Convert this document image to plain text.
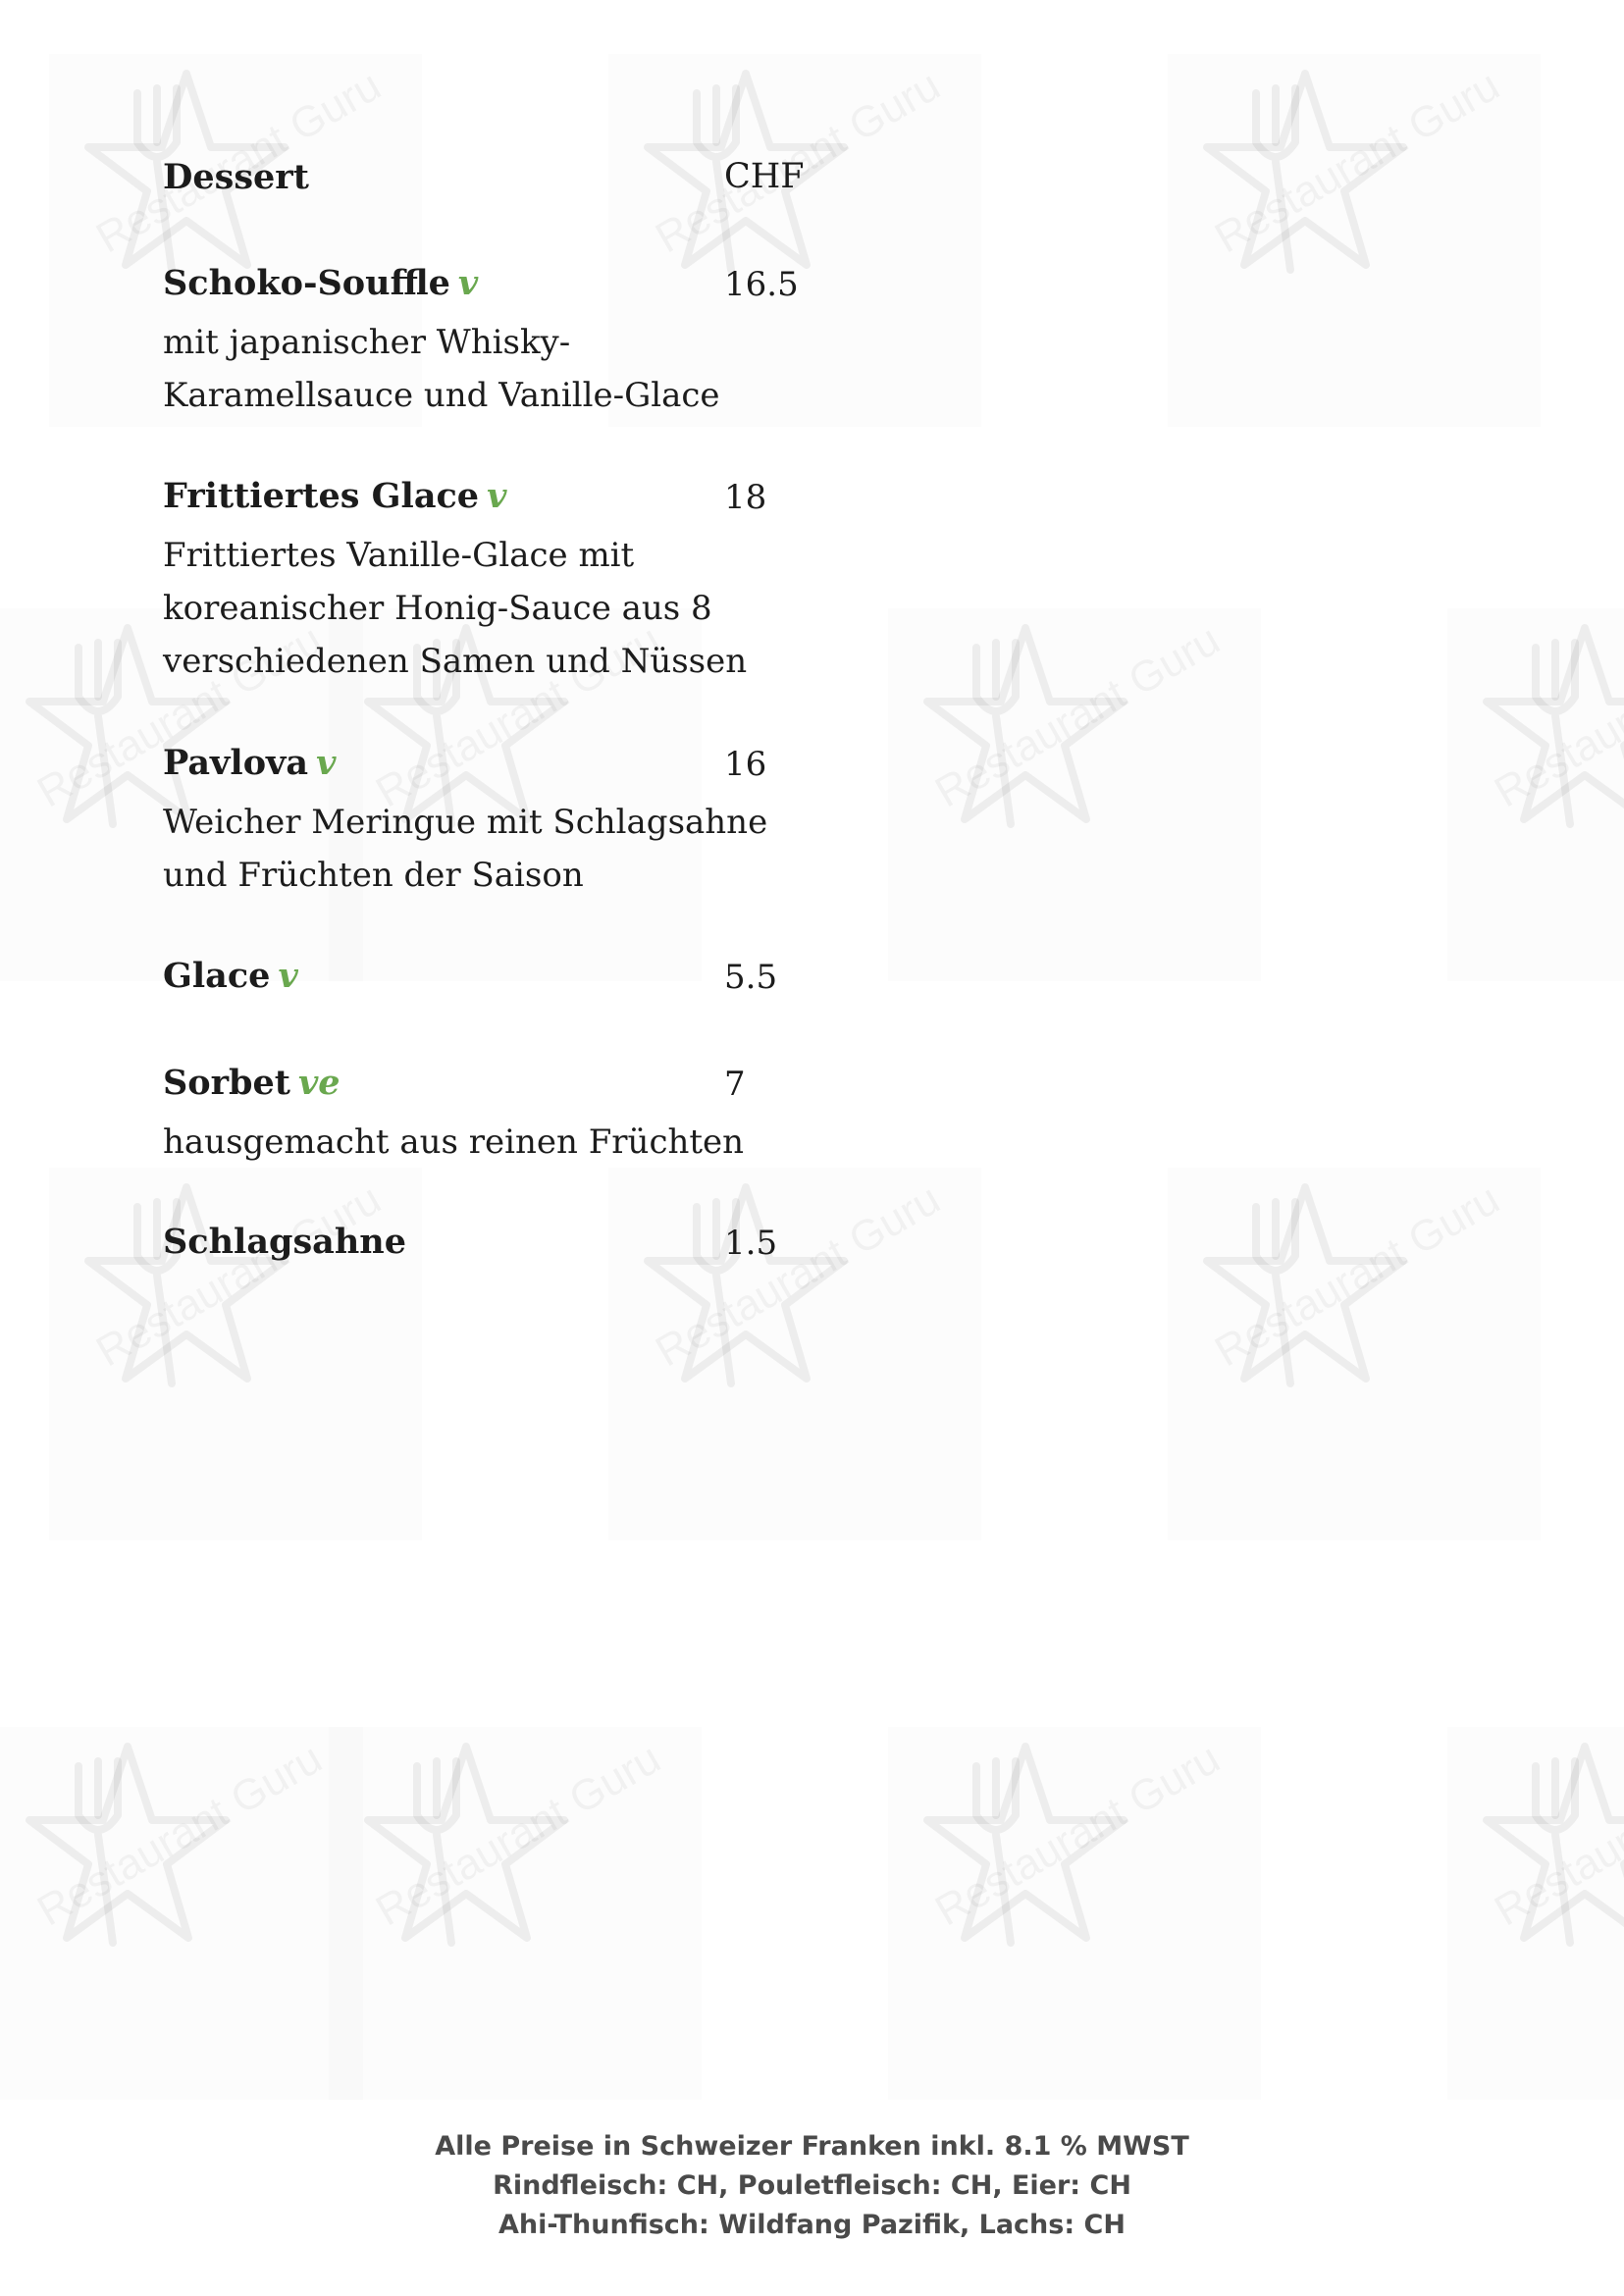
Dessert	CHF
Schoko-Souffle v	16.5
mit japanischer Whisky-
Karamellsauce und Vanille-Glace
Frittiertes Glace v	18
Frittiertes Vanille-Glace mit
koreanischer Honig-Sauce aus 8
verschiedenen Samen und Nüssen
Pavlova v	16
Weicher Meringue mit Schlagsahne
und Früchten der Saison
Glace v	5.5
Sorbet ve	7
hausgemacht aus reinen Früchten
Schlagsahne	1.5
Alle Preise in Schweizer Franken inkl. 8.1 % MWST
Rindfleisch: CH, Pouletfleisch: CH, Eier: CH
Ahi-Thunfisch: Wildfang Pazifik, Lachs: CH
